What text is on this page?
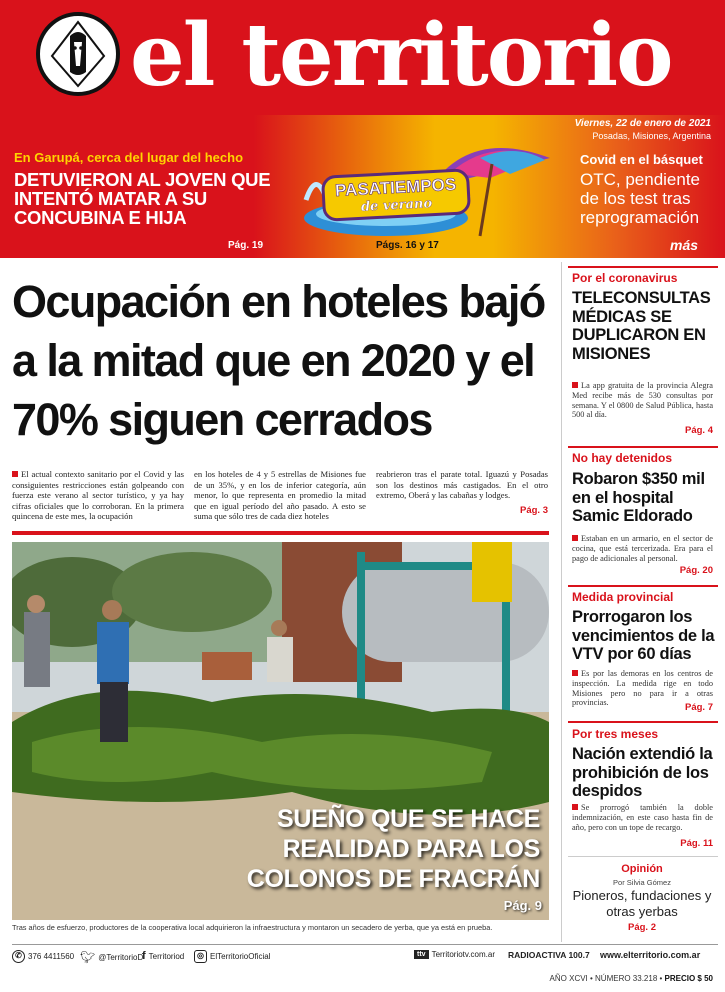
el territorio
Viernes, 22 de enero de 2021
Posadas, Misiones, Argentina
En Garupá, cerca del lugar del hecho
DETUVIERON AL JOVEN QUE INTENTÓ MATAR A SU CONCUBINA E HIJA
Pág. 19
PASATIEMPOS
de verano
Págs. 16 y 17
Covid en el básquet
OTC, pendiente de los test tras reprogramación
más
Ocupación en hoteles bajó a la mitad que en 2020 y el 70% siguen cerrados
El actual contexto sanitario por el Covid y las consiguientes restricciones están golpeando con fuerza este verano al sector turístico, y ya hay cifras oficiales que lo corroboran. En la primera quincena de este mes, la ocupación
en los hoteles de 4 y 5 estrellas de Misiones fue de un 35%, y en los de inferior categoría, aún menor, lo que representa en promedio la mitad que en igual período del año pasado. A esto se suma que sólo tres de cada diez hoteles
reabrieron tras el parate total. Iguazú y Posadas son los destinos más castigados. En el otro extremo, Oberá y las cabañas y lodges.
Pág. 3
SUEÑO QUE SE HACE
REALIDAD PARA LOS
COLONOS DE FRACRÁN
Pág. 9
Tras años de esfuerzo, productores de la cooperativa local adquirieron la infraestructura y montaron un secadero de yerba, que ya está en prueba.
Por el coronavirus
TELECONSULTAS MÉDICAS SE DUPLICARON EN MISIONES
La app gratuita de la provincia Alegra Med recibe más de 530 consultas por semana. Y el 0800 de Salud Pública, hasta 500 al día.
Pág. 4
No hay detenidos
Robaron $350 mil en el hospital Samic Eldorado
Estaban en un armario, en el sector de cocina, que está tercerizada. Era para el pago de adicionales al personal.
Pág. 20
Medida provincial
Prorrogaron los vencimientos de la VTV por 60 días
Es por las demoras en los centros de inspección. La medida rige en todo Misiones pero no para ir a otras provincias.	Pág. 7
Por tres meses
Nación extendió la prohibición de los despidos
Se prorrogó también la doble indemnización, en este caso hasta fin de año, pero con un tope de recargo.
Pág. 11
Opinión
Por Silvia Gómez
Pioneros, fundaciones y otras yerbas
Pág. 2
✆ 376 4411560 🐦︎ @TerritorioD
f Territoriod	◎ ElTerritorioOficial	ttv Territoriotv.com.ar RADIOACTIVA 100.7 www.elterritorio.com.ar
AÑO XCVI • NÚMERO 33.218 • PRECIO $ 50
